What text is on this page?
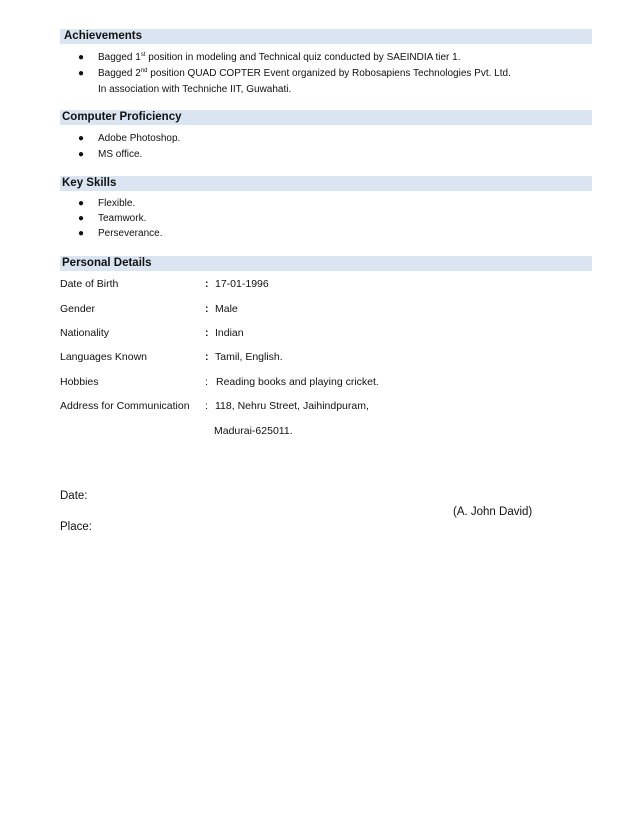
Achievements
● Bagged 1st position in modeling and Technical quiz conducted by SAEINDIA tier 1.
● Bagged 2nd position QUAD COPTER Event organized by Robosapiens Technologies Pvt. Ltd.
In association with Techniche IIT, Guwahati.
Computer Proficiency
● Adobe Photoshop.
● MS office.
Key Skills
● Flexible.
● Teamwork.
● Perseverance.
Personal Details
Date of Birth	: 17-01-1996
Gender	: Male
Nationality	: Indian
Languages Known	: Tamil, English.
Hobbies	: Reading books and playing cricket.
Address for Communication : 118, Nehru Street, Jaihindpuram,
Madurai-625011.
Date:
(A. John David)
Place:
